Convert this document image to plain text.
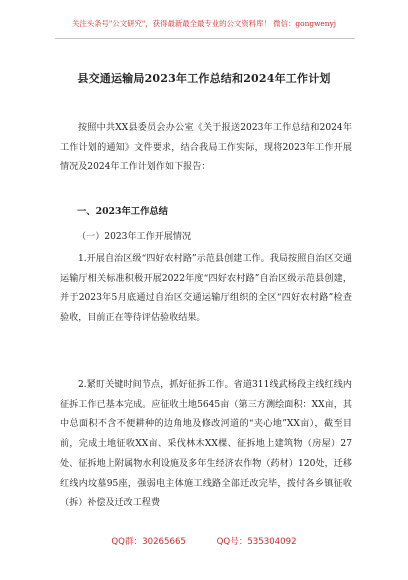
关注头条号"公文研究"，获得最新最全最专业的公文资料库！ 微信：gongwenyj
县交通运输局2023年工作总结和2024年工作计划
按照中共XX县委员会办公室《关于报送2023年工作总结和2024年工作计划的通知》文件要求，结合我局工作实际，现将2023年工作开展情况及2024年工作计划作如下报告：
一、2023年工作总结
（一）2023年工作开展情况
1.开展自治区级“四好农村路”示范县创建工作。我局按照自治区交通运输厅相关标准积极开展2022年度“四好农村路”自治区级示范县创建，并于2023年5月底通过自治区交通运输厅组织的全区“四好农村路”检查验收，目前正在等待评估验收结果。
2.紧盯关键时间节点，抓好征拆工作。省道311线武杨段主线红线内征拆工作已基本完成。应征收土地5645亩（第三方测绘面积：XX亩，其中总面积不含不便耕种的边角地及修改河道的“夹心地”XX亩），截至目前，完成土地征收XX亩、采伐林木XX棵、征拆地上建筑物（房屋）27处、征拆地上附属物水利设施及多年生经济农作物（药材）120处，迁移红线内坟墓95座，强弱电主体施工线路全部迁改完毕，拨付各乡镇征收（拆）补偿及迁改工程费
QQ群：30265665	QQ号：535304092
